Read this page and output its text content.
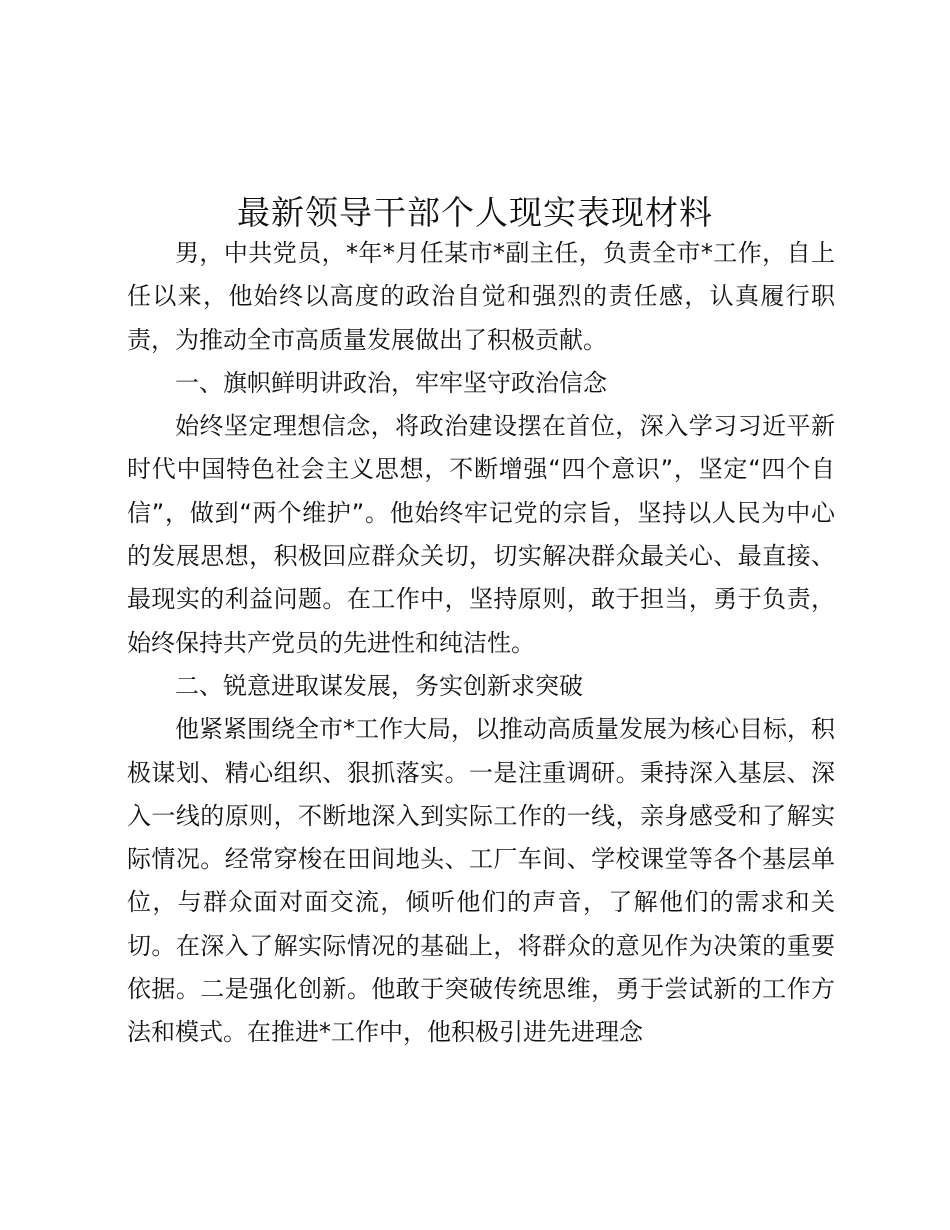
最新领导干部个人现实表现材料

男，中共党员，*年*月任某市*副主任，负责全市*工作，自上任以来，他始终以高度的政治自觉和强烈的责任感，认真履行职责，为推动全市高质量发展做出了积极贡献。

一、旗帜鲜明讲政治，牢牢坚守政治信念

始终坚定理想信念，将政治建设摆在首位，深入学习习近平新时代中国特色社会主义思想，不断增强“四个意识”，坚定“四个自信”，做到“两个维护”。他始终牢记党的宗旨，坚持以人民为中心的发展思想，积极回应群众关切，切实解决群众最关心、最直接、最现实的利益问题。在工作中，坚持原则，敢于担当，勇于负责，始终保持共产党员的先进性和纯洁性。

二、锐意进取谋发展，务实创新求突破

他紧紧围绕全市*工作大局，以推动高质量发展为核心目标，积极谋划、精心组织、狠抓落实。一是注重调研。秉持深入基层、深入一线的原则，不断地深入到实际工作的一线，亲身感受和了解实际情况。经常穿梭在田间地头、工厂车间、学校课堂等各个基层单位，与群众面对面交流，倾听他们的声音，了解他们的需求和关切。在深入了解实际情况的基础上，将群众的意见作为决策的重要依据。二是强化创新。他敢于突破传统思维，勇于尝试新的工作方法和模式。在推进*工作中，他积极引进先进理念
